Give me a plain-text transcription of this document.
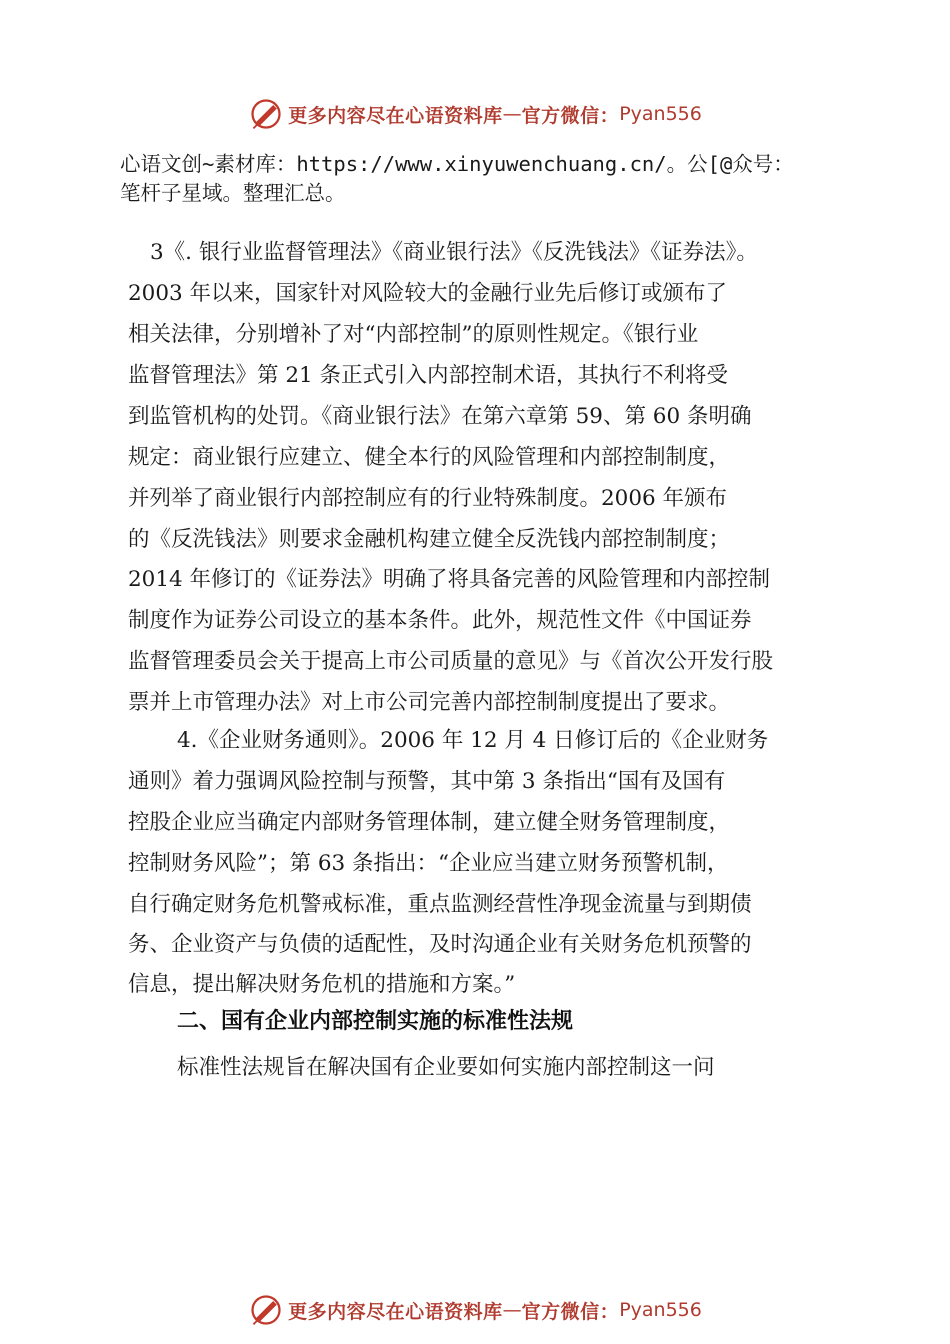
更多内容尽在心语资料库 — 官方微信： Pyan556
心语文创~素材库：https://www.xinyuwenchuang.cn/。公[@众号：
笔杆子星域。整理汇总。
3《. 银行业监督管理法》《商业银行法》《反洗钱法》《证券法》。
2003 年以来，国家针对风险较大的金融行业先后修订或颁布了
相关法律，分别增补了对“内部控制”的原则性规定。《银行业
监督管理法》第 21 条正式引入内部控制术语，其执行不利将受
到监管机构的处罚。《商业银行法》在第六章第 59、第 60 条明确
规定：商业银行应建立、健全本行的风险管理和内部控制制度，
并列举了商业银行内部控制应有的行业特殊制度。2006 年颁布
的《反洗钱法》则要求金融机构建立健全反洗钱内部控制制度；
2014 年修订的《证券法》明确了将具备完善的风险管理和内部控制
制度作为证券公司设立的基本条件。此外，规范性文件《中国证券
监督管理委员会关于提高上市公司质量的意见》与《首次公开发行股
票并上市管理办法》对上市公司完善内部控制制度提出了要求。
4.《企业财务通则》。2006 年 12 月 4 日修订后的《企业财务
通则》着力强调风险控制与预警，其中第 3 条指出“国有及国有
控股企业应当确定内部财务管理体制，建立健全财务管理制度，
控制财务风险”；第 63 条指出：“企业应当建立财务预警机制，
自行确定财务危机警戒标准，重点监测经营性净现金流量与到期债
务、企业资产与负债的适配性，及时沟通企业有关财务危机预警的
信息，提出解决财务危机的措施和方案。”
二、国有企业内部控制实施的标准性法规
标准性法规旨在解决国有企业要如何实施内部控制这一问
更多内容尽在心语资料库 — 官方微信： Pyan556
